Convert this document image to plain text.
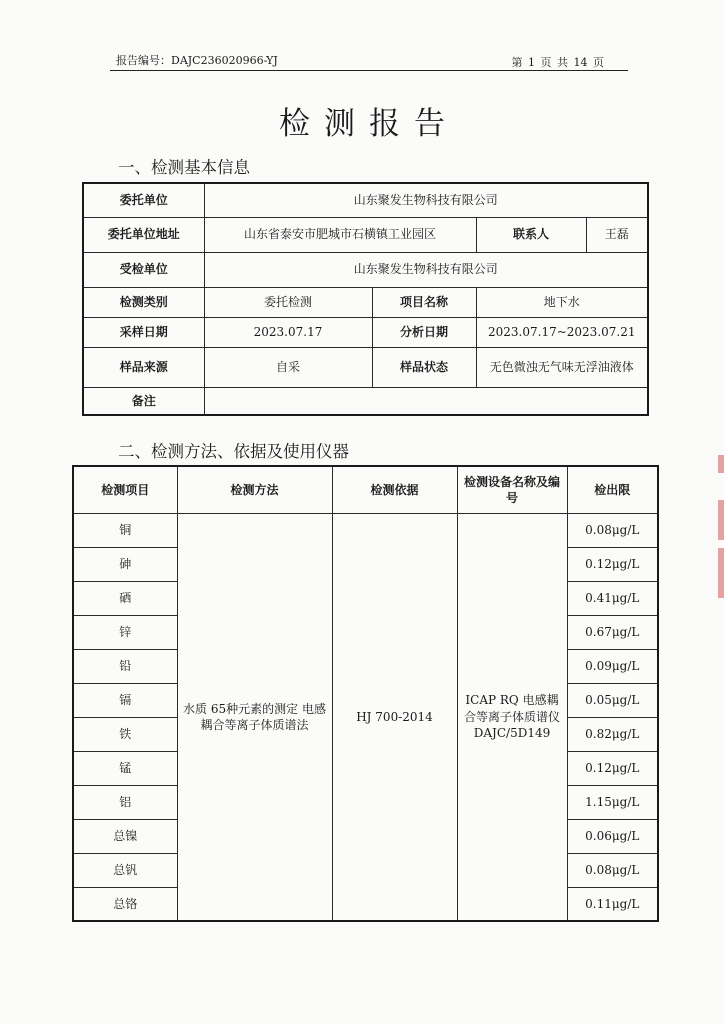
报告编号：DAJC236020966-YJ	第 1 页 共 14 页
检测报告
一、检测基本信息
委托单位	山东聚发生物科技有限公司			
委托单位地址	山东省泰安市肥城市石横镇工业园区		联系人	王磊
受检单位	山东聚发生物科技有限公司			
检测类别	委托检测	项目名称	地下水	
采样日期	2023.07.17	分析日期	2023.07.17~2023.07.21	
样品来源	自采	样品状态	无色微浊无气味无浮油液体	
备注				
二、检测方法、依据及使用仪器
检测项目	检测方法	检测依据	检测设备名称及编号	检出限
铜	水质 65种元素的测定 电感耦合等离子体质谱法	HJ 700-2014	ICAP RQ 电感耦合等离子体质谱仪 DAJC/5D149	0.08μg/L
砷				0.12μg/L
硒				0.41μg/L
锌				0.67μg/L
铅				0.09μg/L
镉				0.05μg/L
铁				0.82μg/L
锰				0.12μg/L
铝				1.15μg/L
总镍				0.06μg/L
总钒				0.08μg/L
总铬				0.11μg/L
